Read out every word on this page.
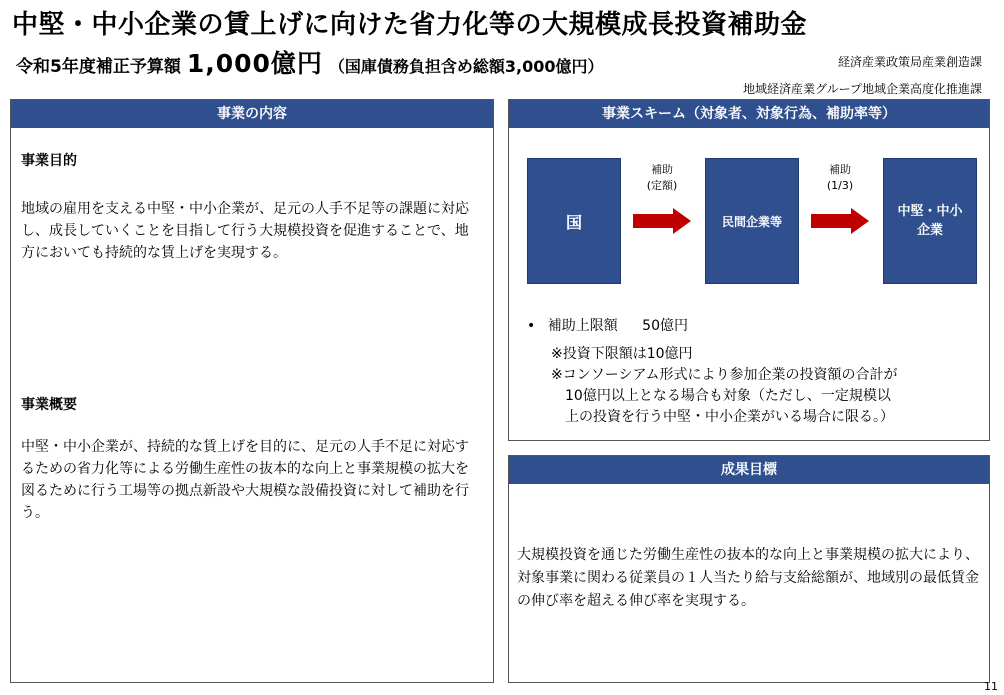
中堅・中小企業の賃上げに向けた省力化等の大規模成長投資補助金
令和5年度補正予算額 1,000億円 （国庫債務負担含め総額3,000億円）	経済産業政策局産業創造課
地域経済産業グループ地域企業高度化推進課
事業の内容
事業目的
地域の雇用を支える中堅・中小企業が、足元の人手不足等の課題に対応し、成長していくことを目指して行う大規模投資を促進することで、地方においても持続的な賃上げを実現する。
事業概要
中堅・中小企業が、持続的な賃上げを目的に、足元の人手不足に対応するための省力化等による労働生産性の抜本的な向上と事業規模の拡大を図るために行う工場等の拠点新設や大規模な設備投資に対して補助を行う。
事業スキーム（対象者、対象行為、補助率等）
国
補助
(定額)
民間企業等
補助
(1/3)
中堅・中小
企業
• 補助上限額 50億円
※投資下限額は10億円
※コンソーシアム形式により参加企業の投資額の合計が
10億円以上となる場合も対象（ただし、一定規模以
上の投資を行う中堅・中小企業がいる場合に限る。）
成果目標
大規模投資を通じた労働生産性の抜本的な向上と事業規模の拡大により、対象事業に関わる従業員の１人当たり給与支給総額が、地域別の最低賃金の伸び率を超える伸び率を実現する。
11
